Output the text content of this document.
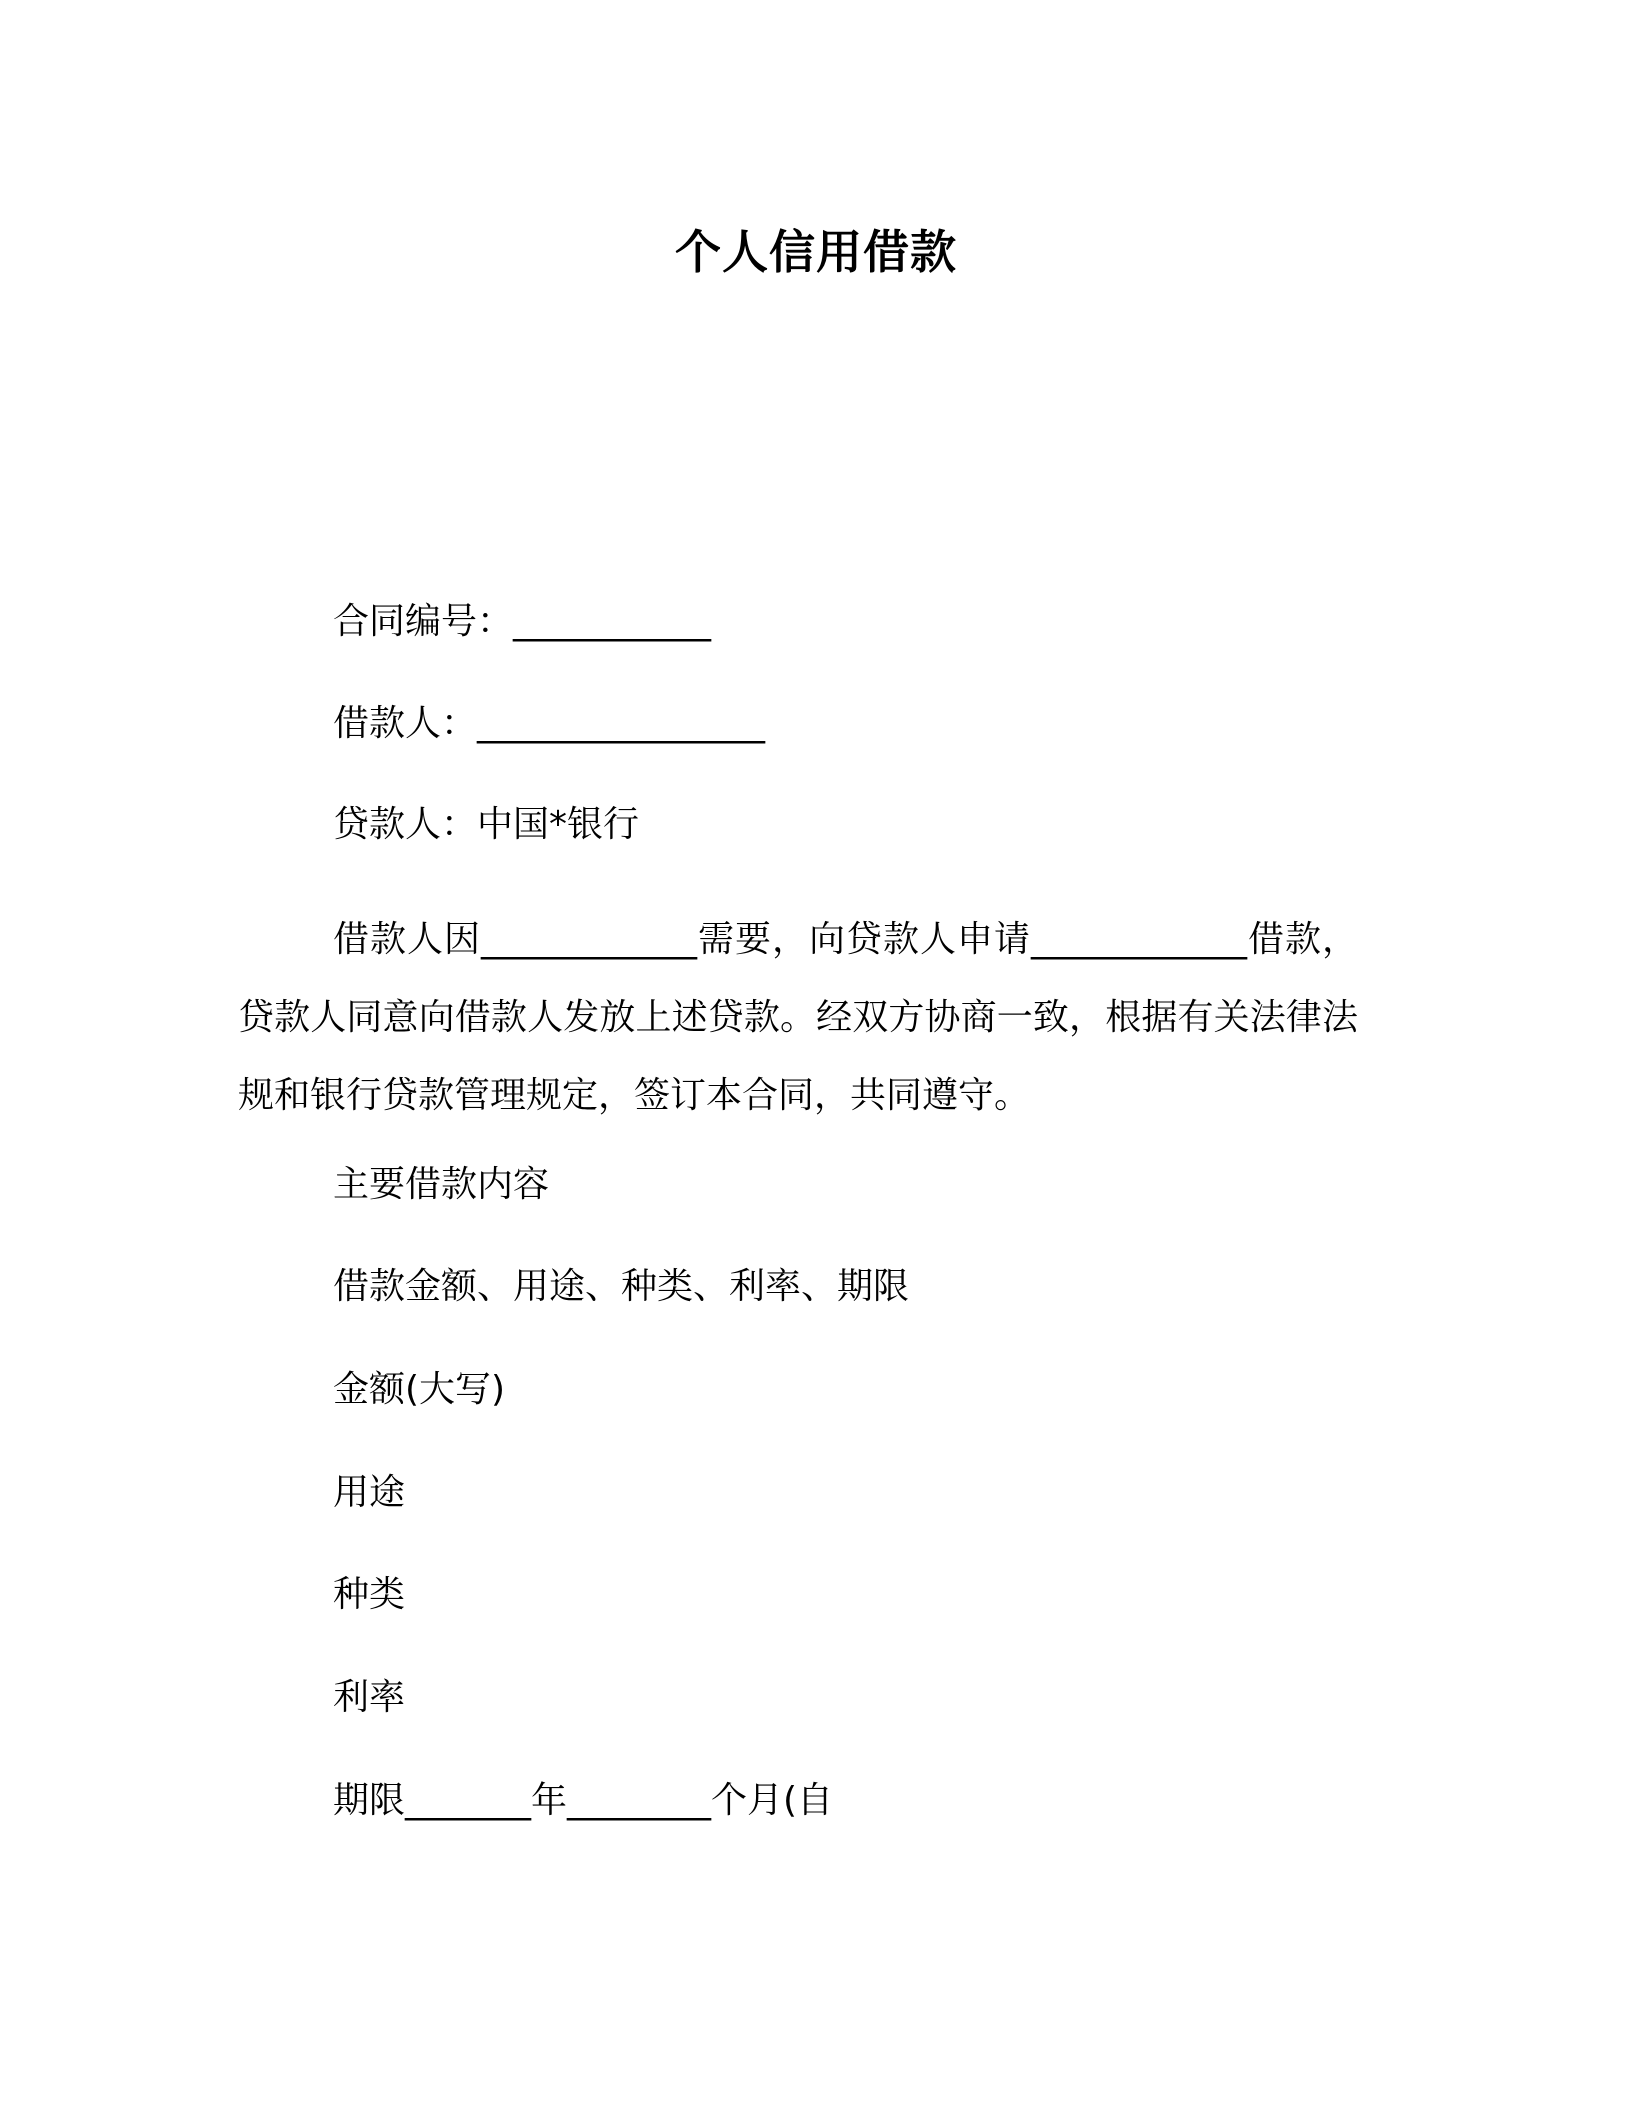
个人信用借款
合同编号：___________
借款人：________________
贷款人：中国*银行
借款人因____________需要，向贷款人申请____________借款，贷款人同意向借款人发放上述贷款。经双方协商一致，根据有关法律法规和银行贷款管理规定，签订本合同，共同遵守。
主要借款内容
借款金额、用途、种类、利率、期限
金额(大写)
用途
种类
利率
期限_______年________个月(自
